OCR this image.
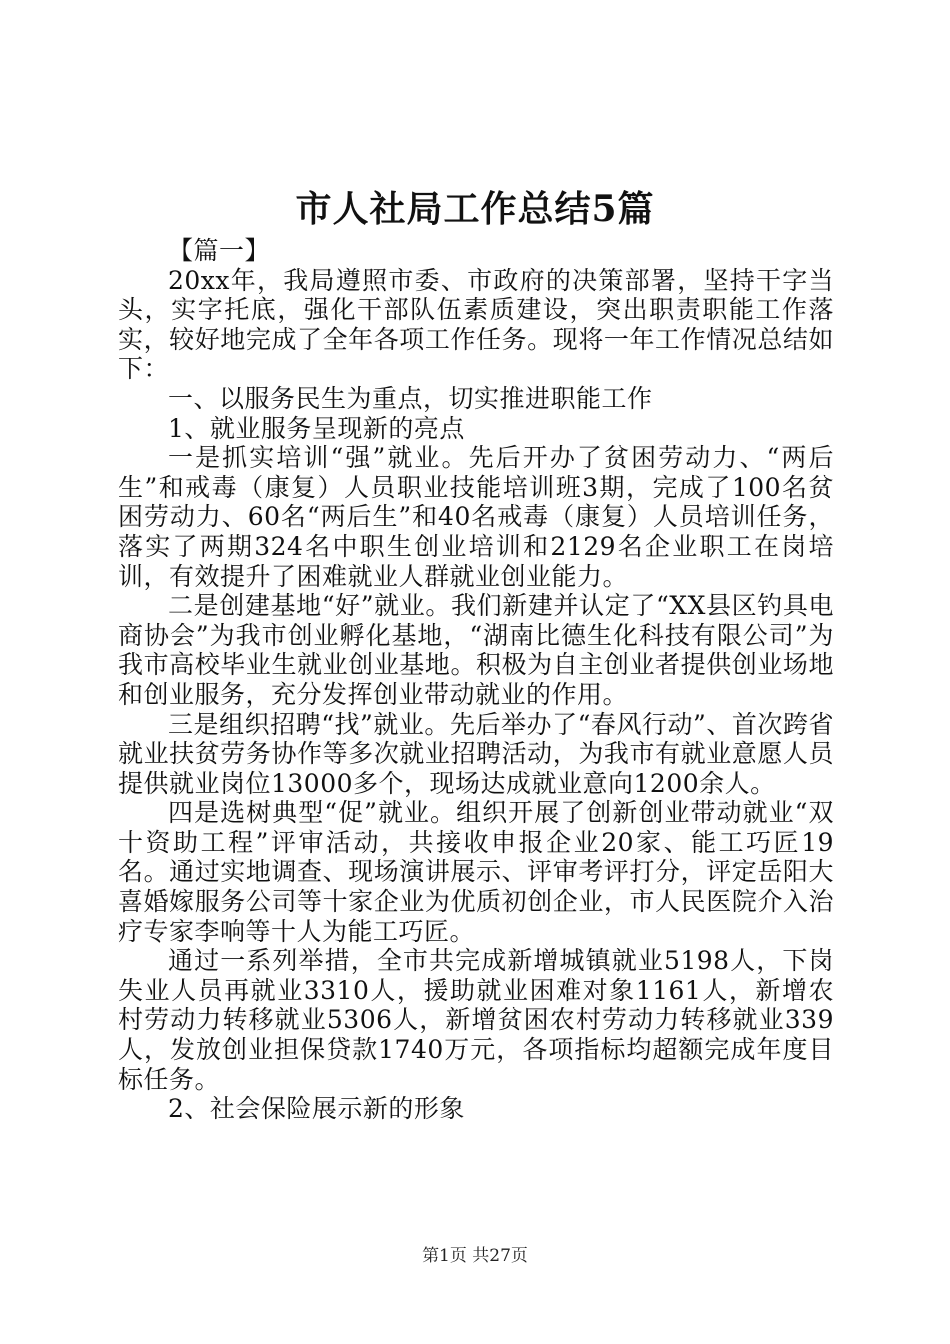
市人社局工作总结5篇

【篇一】

20xx年，我局遵照市委、市政府的决策部署，坚持干字当头，实字托底，强化干部队伍素质建设，突出职责职能工作落实，较好地完成了全年各项工作任务。现将一年工作情况总结如下：

一、以服务民生为重点，切实推进职能工作

1、就业服务呈现新的亮点

一是抓实培训“强”就业。先后开办了贫困劳动力、“两后生”和戒毒（康复）人员职业技能培训班3期，完成了100名贫困劳动力、60名“两后生”和40名戒毒（康复）人员培训任务，落实了两期324名中职生创业培训和2129名企业职工在岗培训，有效提升了困难就业人群就业创业能力。

二是创建基地“好”就业。我们新建并认定了“XX县区钓具电商协会”为我市创业孵化基地，“湖南比德生化科技有限公司”为我市高校毕业生就业创业基地。积极为自主创业者提供创业场地和创业服务，充分发挥创业带动就业的作用。

三是组织招聘“找”就业。先后举办了“春风行动”、首次跨省就业扶贫劳务协作等多次就业招聘活动，为我市有就业意愿人员提供就业岗位13000多个，现场达成就业意向1200余人。

四是选树典型“促”就业。组织开展了创新创业带动就业“双十资助工程”评审活动，共接收申报企业20家、能工巧匠19名。通过实地调查、现场演讲展示、评审考评打分，评定岳阳大喜婚嫁服务公司等十家企业为优质初创企业，市人民医院介入治疗专家李响等十人为能工巧匠。

通过一系列举措，全市共完成新增城镇就业5198人，下岗失业人员再就业3310人，援助就业困难对象1161人，新增农村劳动力转移就业5306人，新增贫困农村劳动力转移就业339人，发放创业担保贷款1740万元，各项指标均超额完成年度目标任务。

2、社会保险展示新的形象

第1页 共27页
